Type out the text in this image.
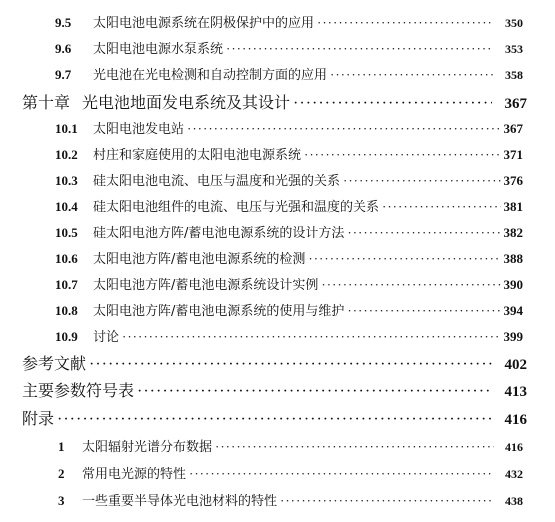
9.5	太阳电池电源系统在阴极保护中的应用 ·····	350
9.6	太阳电池电源水泵系统 ·····	353
9.7	光电池在光电检测和自动控制方面的应用 ·····	358
第十章 光电池地面发电系统及其设计 ·····	367
10.1	太阳电池发电站 ·····	367
10.2	村庄和家庭使用的太阳电池电源系统 ·····	371
10.3	硅太阳电池电流、电压与温度和光强的关系 ·····	376
10.4	硅太阳电池组件的电流、电压与光强和温度的关系 ·····	381
10.5	硅太阳电池方阵/蓄电池电源系统的设计方法 ·····	382
10.6	太阳电池方阵/蓄电池电源系统的检测 ·····	388
10.7	太阳电池方阵/蓄电池电源系统设计实例 ·····	390
10.8	太阳电池方阵/蓄电池电源系统的使用与维护 ·····	394
10.9	讨论 ·····	399
参考文献 ·····	402
主要参数符号表 ·····	413
附录 ·····	416
1	太阳辐射光谱分布数据 ·····	416
2	常用电光源的特性 ·····	432
3	一些重要半导体光电池材料的特性 ·····	438
